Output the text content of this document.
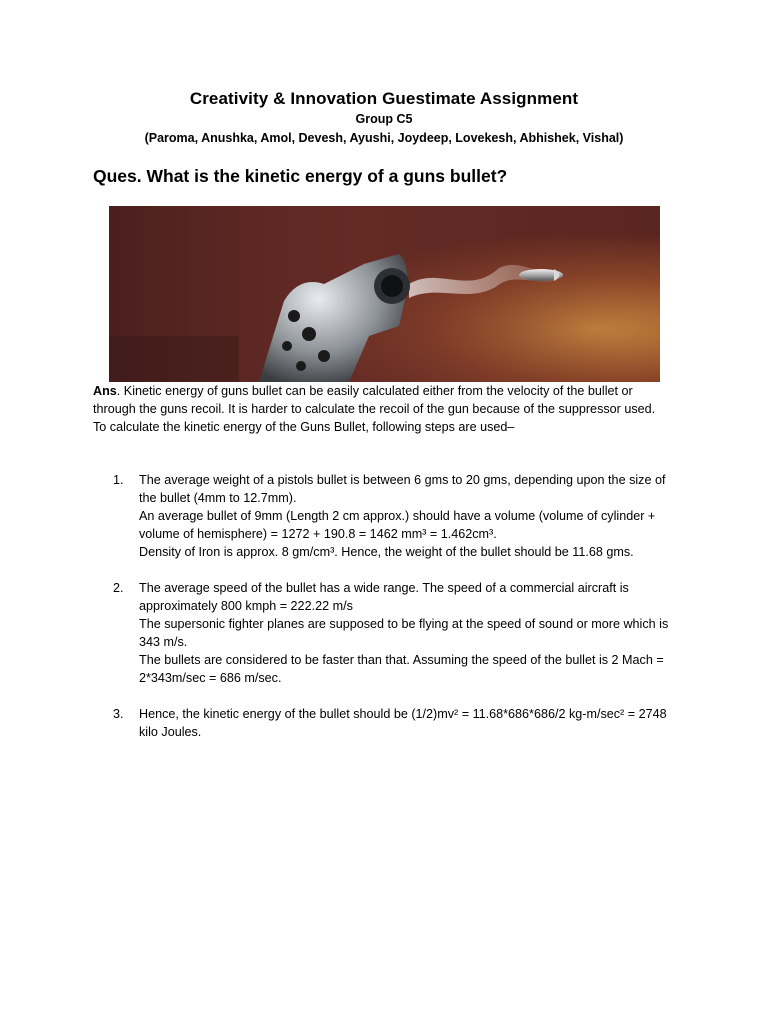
Creativity & Innovation Guestimate Assignment
Group C5
(Paroma, Anushka, Amol, Devesh, Ayushi, Joydeep, Lovekesh, Abhishek, Vishal)
Ques. What is the kinetic energy of a guns bullet?

Ans. Kinetic energy of guns bullet can be easily calculated either from the velocity of the bullet or through the guns recoil. It is harder to calculate the recoil of the gun because of the suppressor used.

To calculate the kinetic energy of the Guns Bullet, following steps are used–

1. The average weight of a pistols bullet is between 6 gms to 20 gms, depending upon the size of the bullet (4mm to 12.7mm).
An average bullet of 9mm (Length 2 cm approx.) should have a volume (volume of cylinder + volume of hemisphere) = 1272 + 190.8 = 1462 mm³ = 1.462cm³.
Density of Iron is approx. 8 gm/cm³. Hence, the weight of the bullet should be 11.68 gms.
2. The average speed of the bullet has a wide range. The speed of a commercial aircraft is approximately 800 kmph = 222.22 m/s
The supersonic fighter planes are supposed to be flying at the speed of sound or more which is 343 m/s.
The bullets are considered to be faster than that. Assuming the speed of the bullet is 2 Mach = 2*343m/sec = 686 m/sec.
3. Hence, the kinetic energy of the bullet should be (1/2)mv² = 11.68*686*686/2 kg-m/sec² = 2748 kilo Joules.
